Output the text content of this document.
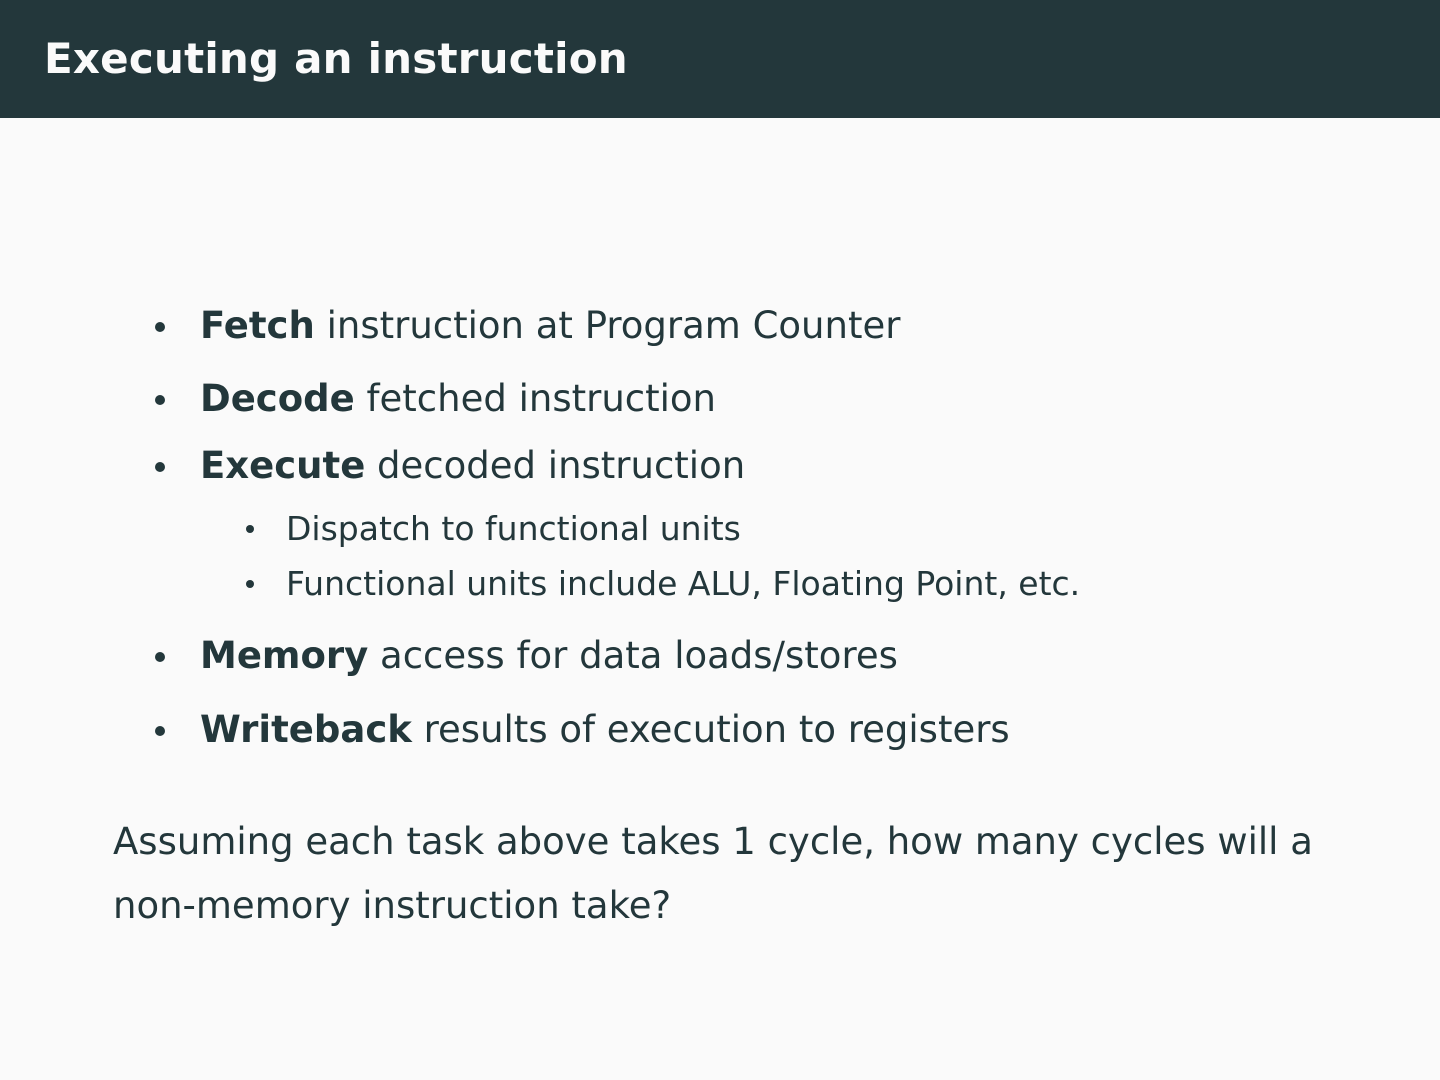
Executing an instruction
Fetch instruction at Program Counter
Decode fetched instruction
Execute decoded instruction
Dispatch to functional units
Functional units include ALU, Floating Point, etc.
Memory access for data loads/stores
Writeback results of execution to registers
Assuming each task above takes 1 cycle, how many cycles will a non-memory instruction take?
